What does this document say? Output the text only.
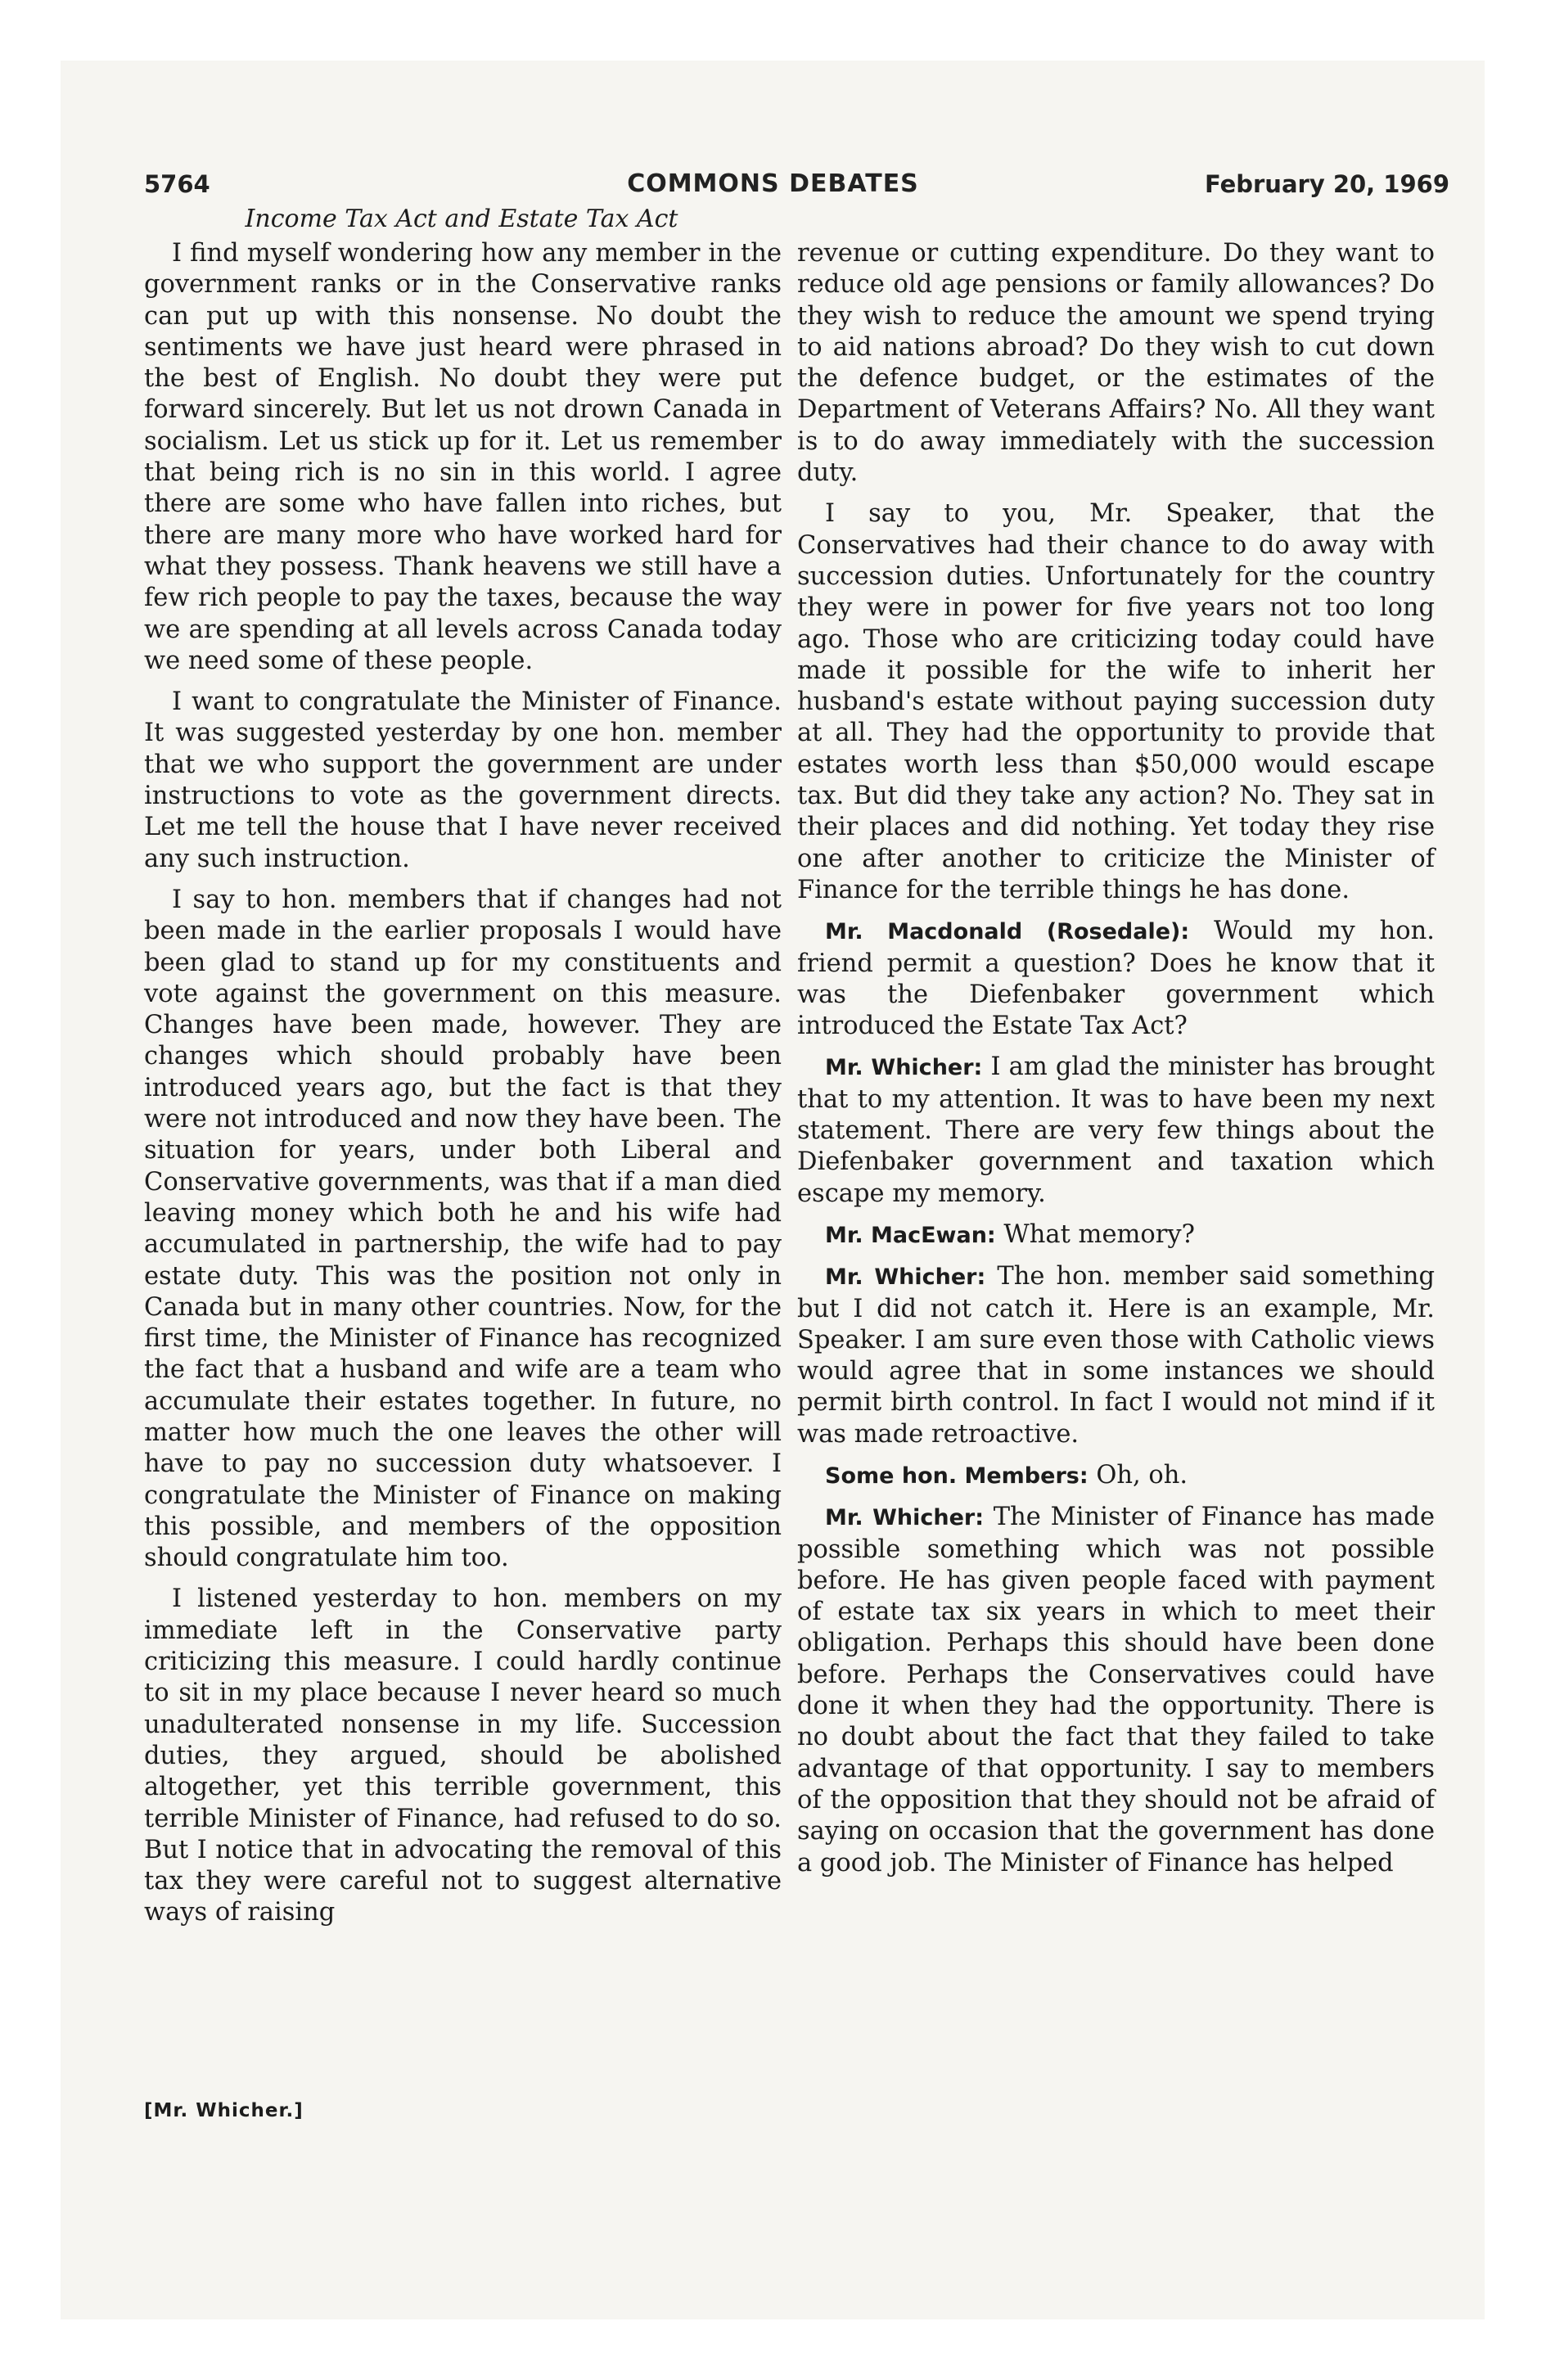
COMMONS DEBATES
5764	February 20, 1969
Income Tax Act and Estate Tax Act

I find myself wondering how any member in the government ranks or in the Conservative ranks can put up with this nonsense. No doubt the sentiments we have just heard were phrased in the best of English. No doubt they were put forward sincerely. But let us not drown Canada in socialism. Let us stick up for it. Let us remember that being rich is no sin in this world. I agree there are some who have fallen into riches, but there are many more who have worked hard for what they possess. Thank heavens we still have a few rich people to pay the taxes, because the way we are spending at all levels across Canada today we need some of these people.

I want to congratulate the Minister of Finance. It was suggested yesterday by one hon. member that we who support the government are under instructions to vote as the government directs. Let me tell the house that I have never received any such instruction.

I say to hon. members that if changes had not been made in the earlier proposals I would have been glad to stand up for my constituents and vote against the government on this measure. Changes have been made, however. They are changes which should probably have been introduced years ago, but the fact is that they were not introduced and now they have been. The situation for years, under both Liberal and Conservative governments, was that if a man died leaving money which both he and his wife had accumulated in partnership, the wife had to pay estate duty. This was the position not only in Canada but in many other countries. Now, for the first time, the Minister of Finance has recognized the fact that a husband and wife are a team who accumulate their estates together. In future, no matter how much the one leaves the other will have to pay no succession duty whatsoever. I congratulate the Minister of Finance on making this possible, and members of the opposition should congratulate him too.

I listened yesterday to hon. members on my immediate left in the Conservative party criticizing this measure. I could hardly continue to sit in my place because I never heard so much unadulterated nonsense in my life. Succession duties, they argued, should be abolished altogether, yet this terrible government, this terrible Minister of Finance, had refused to do so. But I notice that in advocating the removal of this tax they were careful not to suggest alternative ways of raising

[Mr. Whicher.]

revenue or cutting expenditure. Do they want to reduce old age pensions or family allowances? Do they wish to reduce the amount we spend trying to aid nations abroad? Do they wish to cut down the defence budget, or the estimates of the Department of Veterans Affairs? No. All they want is to do away immediately with the succession duty.

I say to you, Mr. Speaker, that the Conservatives had their chance to do away with succession duties. Unfortunately for the country they were in power for five years not too long ago. Those who are criticizing today could have made it possible for the wife to inherit her husband's estate without paying succession duty at all. They had the opportunity to provide that estates worth less than $50,000 would escape tax. But did they take any action? No. They sat in their places and did nothing. Yet today they rise one after another to criticize the Minister of Finance for the terrible things he has done.

Mr. Macdonald (Rosedale): Would my hon. friend permit a question? Does he know that it was the Diefenbaker government which introduced the Estate Tax Act?

Mr. Whicher: I am glad the minister has brought that to my attention. It was to have been my next statement. There are very few things about the Diefenbaker government and taxation which escape my memory.

Mr. MacEwan: What memory?

Mr. Whicher: The hon. member said something but I did not catch it. Here is an example, Mr. Speaker. I am sure even those with Catholic views would agree that in some instances we should permit birth control. In fact I would not mind if it was made retroactive.

Some hon. Members: Oh, oh.

Mr. Whicher: The Minister of Finance has made possible something which was not possible before. He has given people faced with payment of estate tax six years in which to meet their obligation. Perhaps this should have been done before. Perhaps the Conservatives could have done it when they had the opportunity. There is no doubt about the fact that they failed to take advantage of that opportunity. I say to members of the opposition that they should not be afraid of saying on occasion that the government has done a good job. The Minister of Finance has helped
